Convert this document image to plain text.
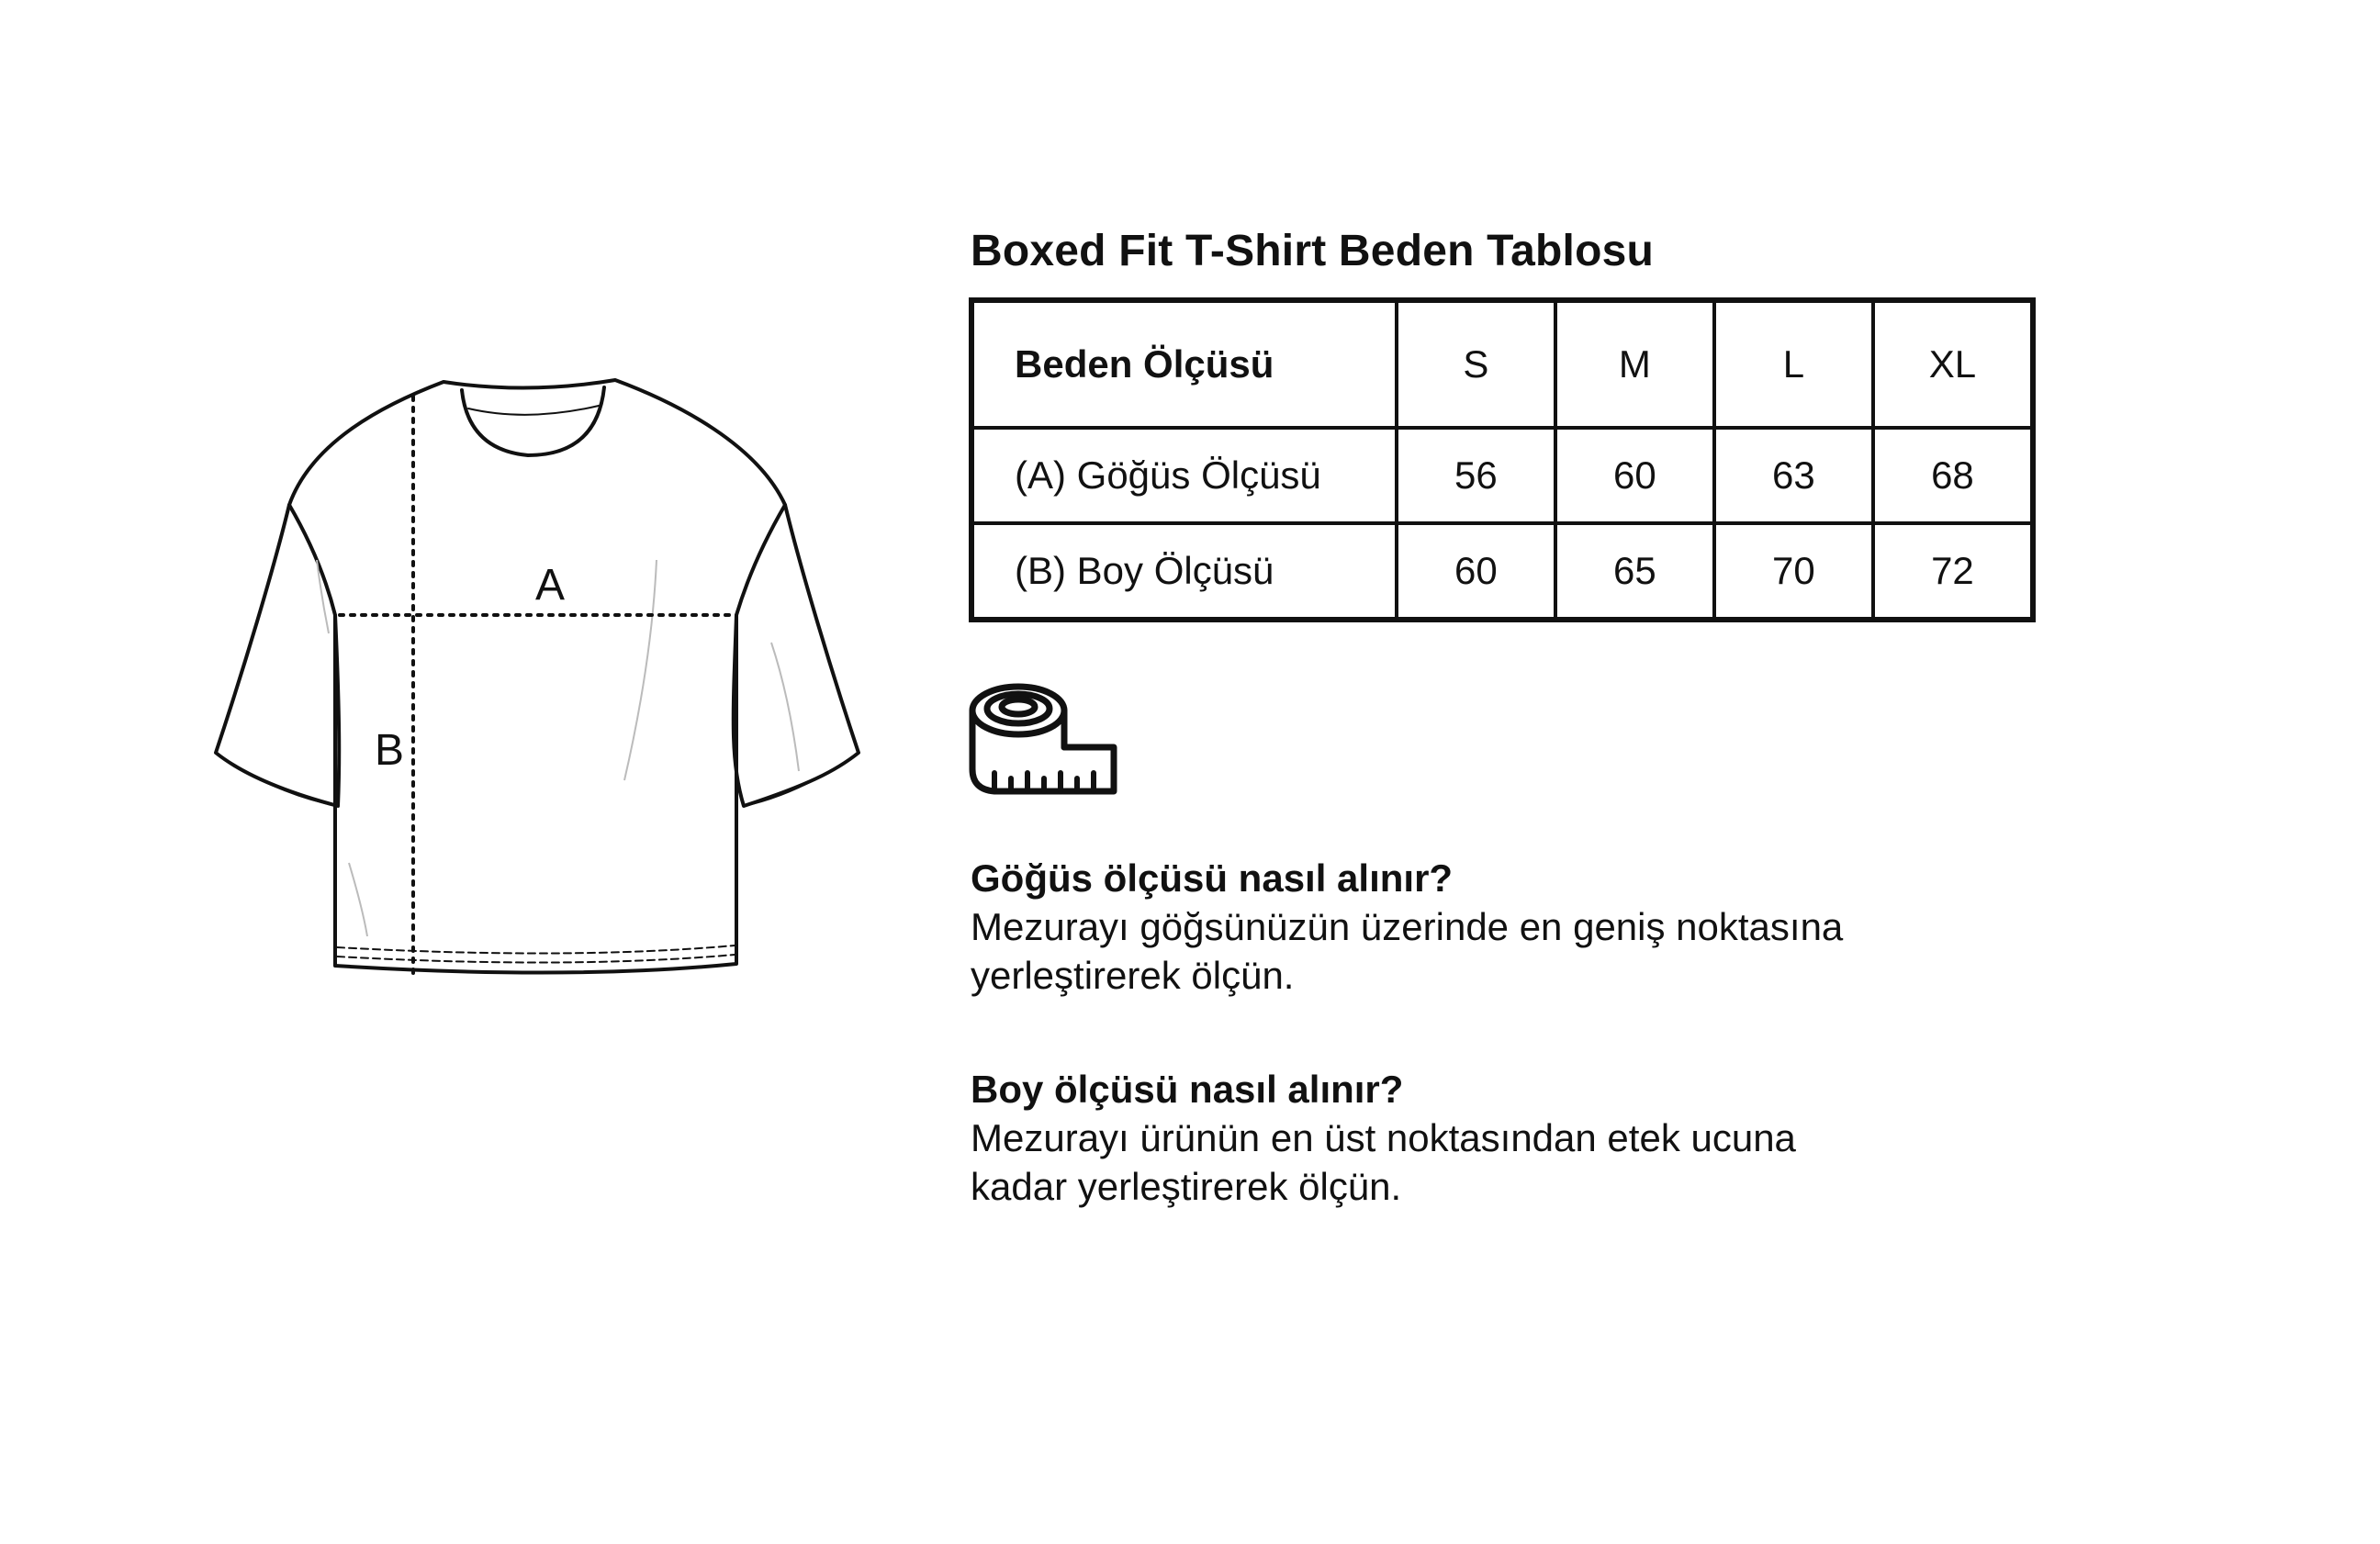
A
B
Boxed Fit T-Shirt Beden Tablosu
Beden Ölçüsü	S	M	L	XL
(A) Göğüs Ölçüsü	56	60	63	68
(B) Boy Ölçüsü	60	65	70	72
Göğüs ölçüsü nasıl alınır?
Mezurayı göğsünüzün üzerinde en geniş noktasına
yerleştirerek ölçün.
Boy ölçüsü nasıl alınır?
Mezurayı ürünün en üst noktasından etek ucuna
kadar yerleştirerek ölçün.
